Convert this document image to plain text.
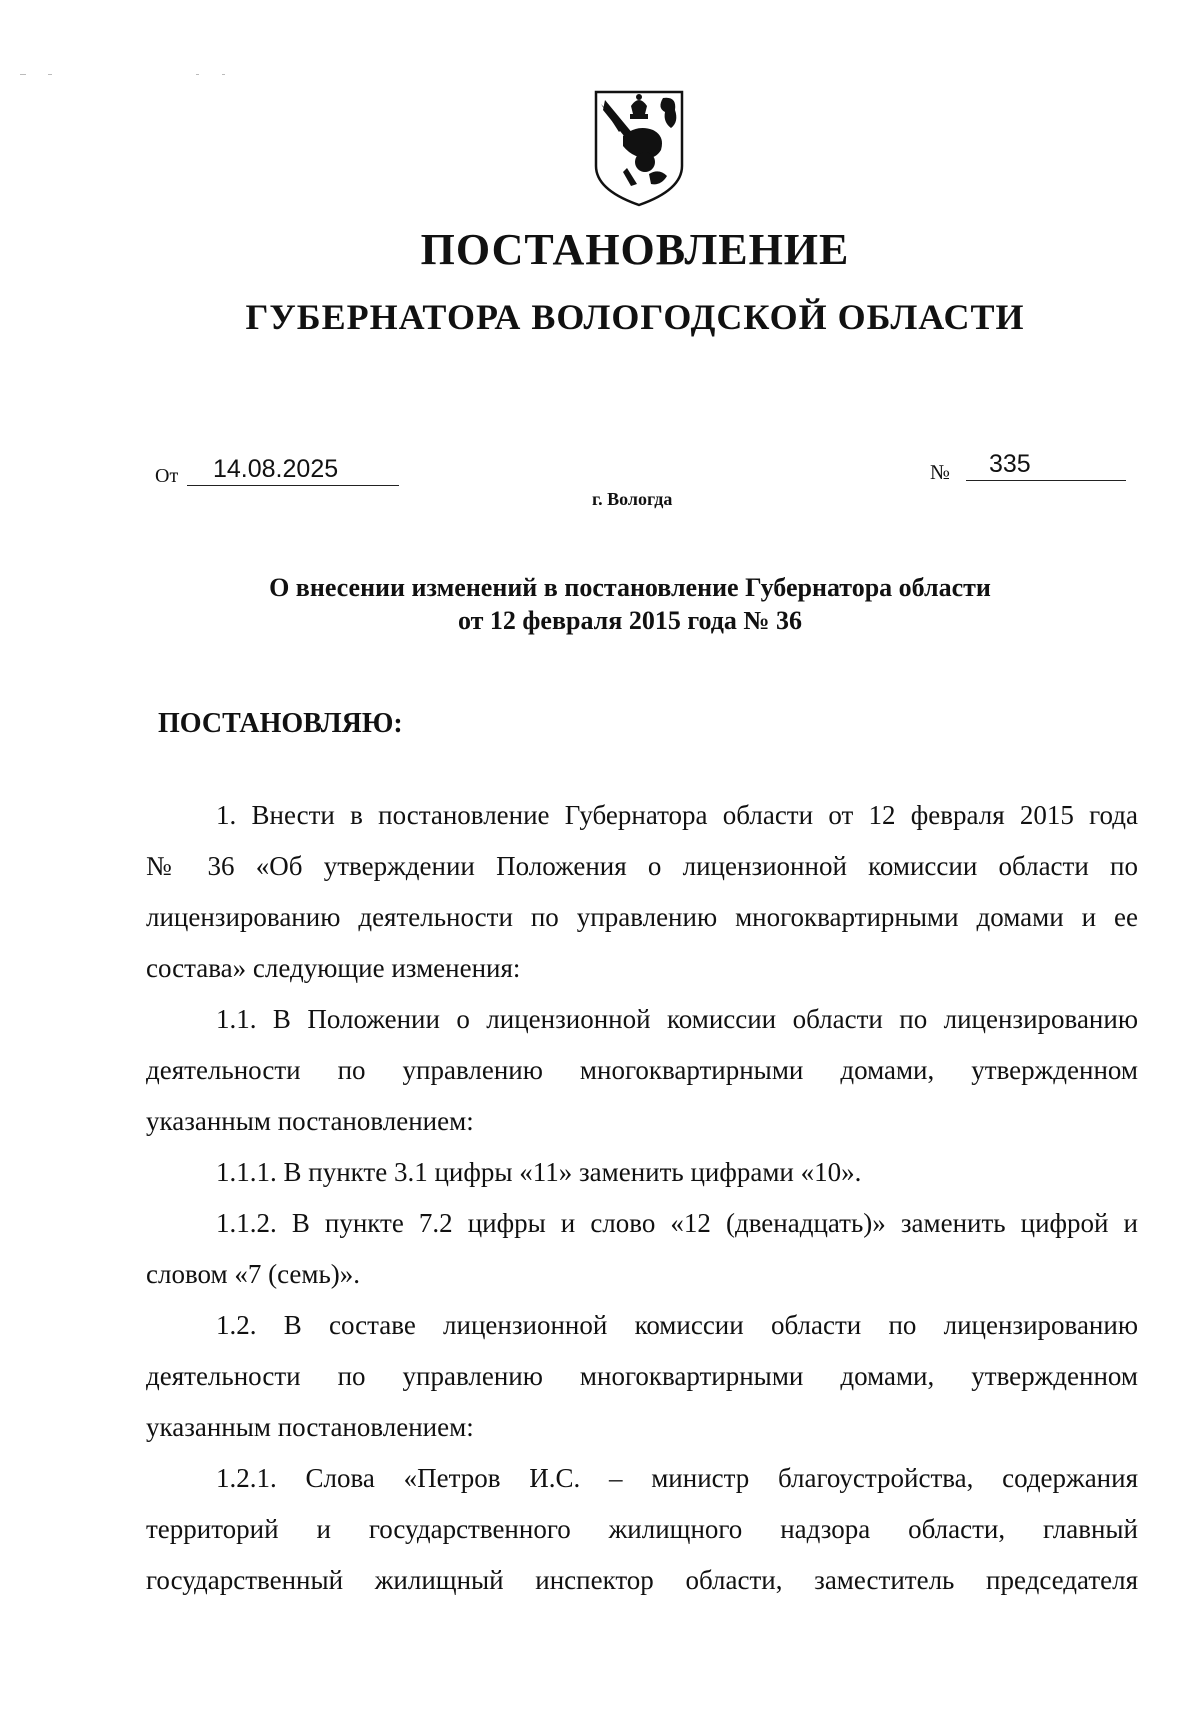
ПОСТАНОВЛЕНИЕ
ГУБЕРНАТОРА ВОЛОГОДСКОЙ ОБЛАСТИ
От 14.08.2025	№ 335
г. Вологда
О внесении изменений в постановление Губернатора области
от 12 февраля 2015 года № 36
ПОСТАНОВЛЯЮ:
1. Внести в постановление Губернатора области от 12 февраля 2015 года
№ 36 «Об утверждении Положения о лицензионной комиссии области по
лицензированию деятельности по управлению многоквартирными домами и ее
состава» следующие изменения:
1.1. В Положении о лицензионной комиссии области по лицензированию
деятельности по управлению многоквартирными домами, утвержденном
указанным постановлением:
1.1.1. В пункте 3.1 цифры «11» заменить цифрами «10».
1.1.2. В пункте 7.2 цифры и слово «12 (двенадцать)» заменить цифрой и
словом «7 (семь)».
1.2. В составе лицензионной комиссии области по лицензированию
деятельности по управлению многоквартирными домами, утвержденном
указанным постановлением:
1.2.1. Слова «Петров И.С. – министр благоустройства, содержания
территорий и государственного жилищного надзора области, главный
государственный жилищный инспектор области, заместитель председателя
